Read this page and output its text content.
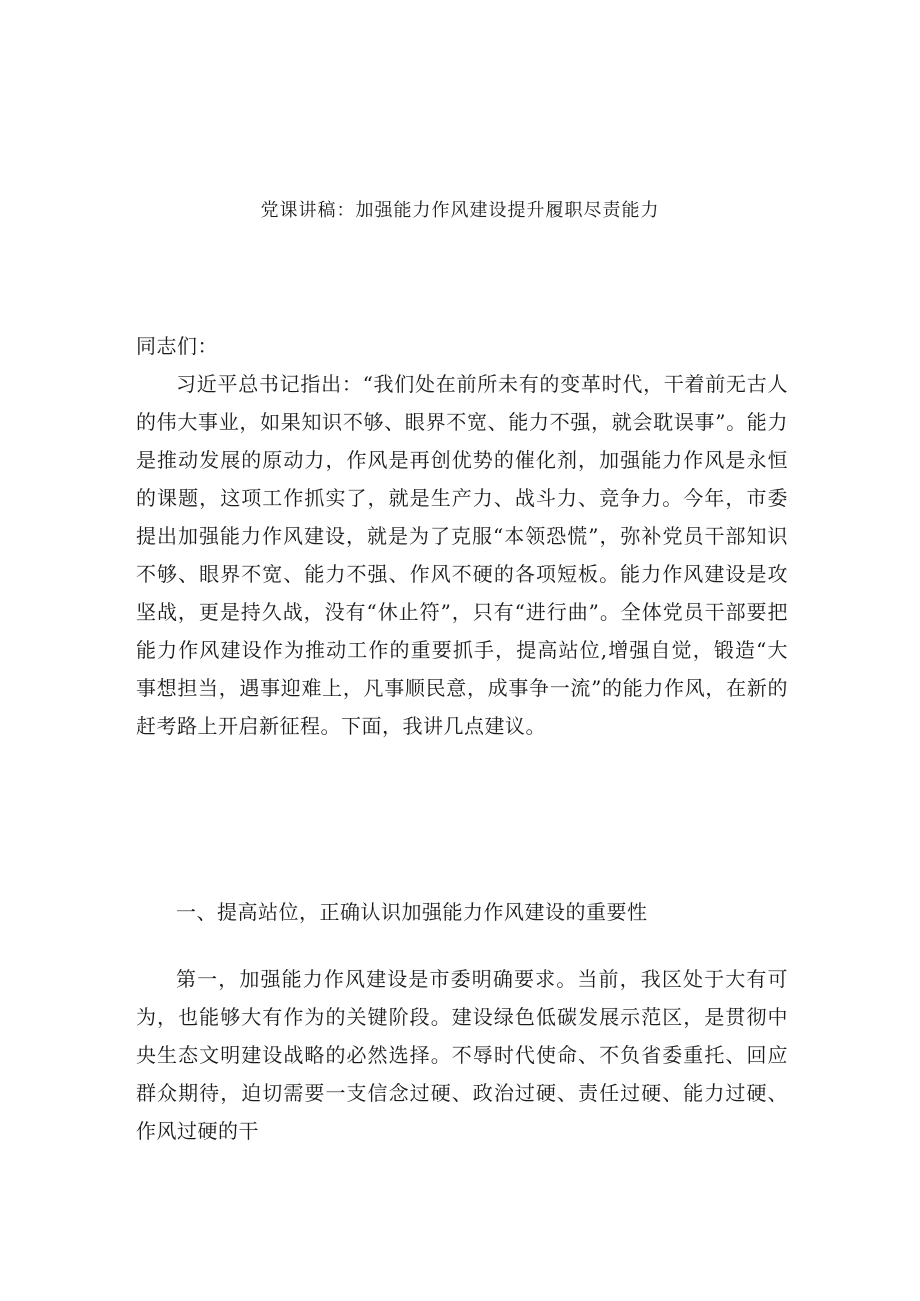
党课讲稿：加强能力作风建设提升履职尽责能力
同志们：
习近平总书记指出：“我们处在前所未有的变革时代，干着前无古人的伟大事业，如果知识不够、眼界不宽、能力不强，就会耽误事”。能力是推动发展的原动力，作风是再创优势的催化剂，加强能力作风是永恒的课题，这项工作抓实了，就是生产力、战斗力、竞争力。今年，市委提出加强能力作风建设，就是为了克服“本领恐慌”，弥补党员干部知识不够、眼界不宽、能力不强、作风不硬的各项短板。能力作风建设是攻坚战，更是持久战，没有“休止符”，只有“进行曲”。全体党员干部要把能力作风建设作为推动工作的重要抓手，提高站位,增强自觉，锻造“大事想担当，遇事迎难上，凡事顺民意，成事争一流”的能力作风，在新的赶考路上开启新征程。下面，我讲几点建议。
一、提高站位，正确认识加强能力作风建设的重要性
第一，加强能力作风建设是市委明确要求。当前，我区处于大有可为，也能够大有作为的关键阶段。建设绿色低碳发展示范区，是贯彻中央生态文明建设战略的必然选择。不辱时代使命、不负省委重托、回应群众期待，迫切需要一支信念过硬、政治过硬、责任过硬、能力过硬、作风过硬的干
